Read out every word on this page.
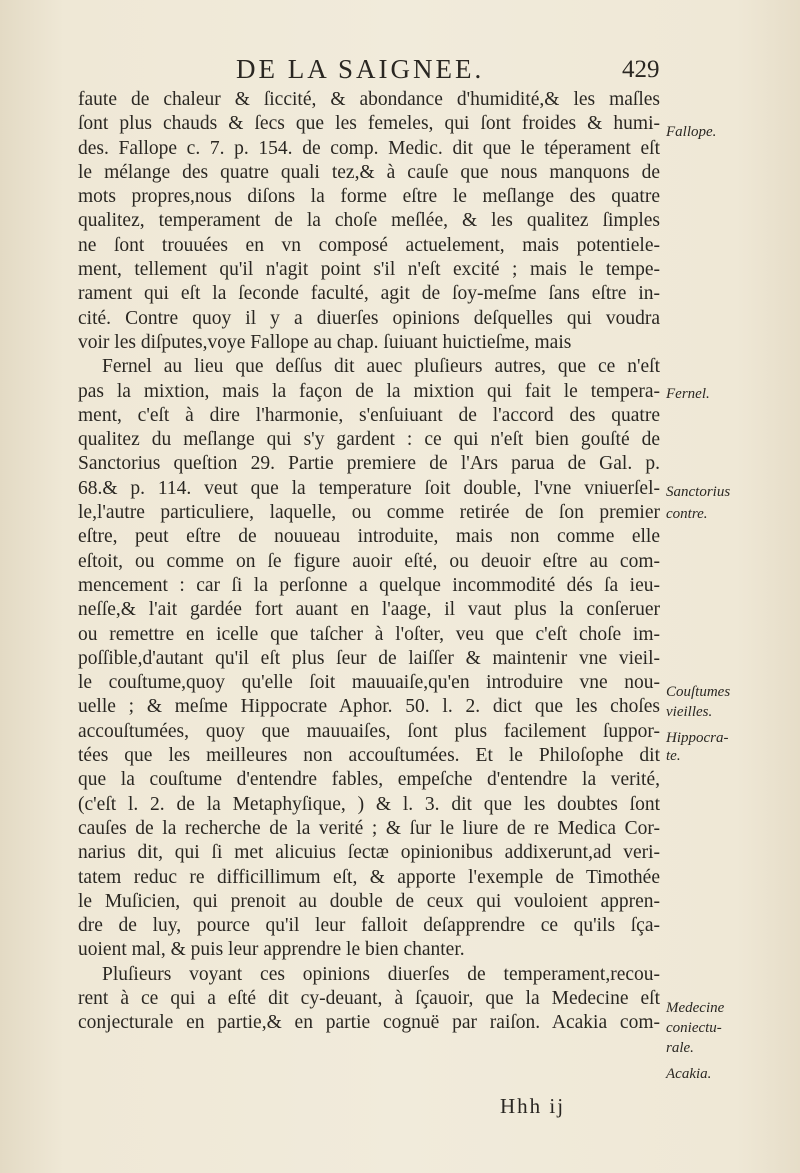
DE LA SAIGNEE.	429
faute de chaleur & ſiccité, & abondance d'humidité,& les maſles
ſont plus chauds & ſecs que les femeles, qui ſont froides & humi-
des. Fallope c. 7. p. 154. de comp. Medic. dit que le téperament eſt
le mélange des quatre quali tez,& à cauſe que nous manquons de
mots propres,nous diſons la forme eſtre le meſlange des quatre
qualitez, temperament de la choſe meſlée, & les qualitez ſimples
ne ſont trouuées en vn composé actuelement, mais potentiele-
ment, tellement qu'il n'agit point s'il n'eſt excité ; mais le tempe-
rament qui eſt la ſeconde faculté, agit de ſoy-meſme ſans eſtre in-
cité. Contre quoy il y a diuerſes opinions deſquelles qui voudra
voir les diſputes,voye Fallope au chap. ſuiuant huictieſme, mais
Fernel au lieu que deſſus dit auec pluſieurs autres, que ce n'eſt
pas la mixtion, mais la façon de la mixtion qui fait le tempera-
ment, c'eſt à dire l'harmonie, s'enſuiuant de l'accord des quatre
qualitez du meſlange qui s'y gardent : ce qui n'eſt bien gouſté de
Sanctorius queſtion 29. Partie premiere de l'Ars parua de Gal. p.
68.& p. 114. veut que la temperature ſoit double, l'vne vniuerſel-
le,l'autre particuliere, laquelle, ou comme retirée de ſon premier
eſtre, peut eſtre de nouueau introduite, mais non comme elle
eſtoit, ou comme on ſe figure auoir eſté, ou deuoir eſtre au com-
mencement : car ſi la perſonne a quelque incommodité dés ſa ieu-
neſſe,& l'ait gardée fort auant en l'aage, il vaut plus la conſeruer
ou remettre en icelle que taſcher à l'oſter, veu que c'eſt choſe im-
poſſible,d'autant qu'il eſt plus ſeur de laiſſer & maintenir vne vieil-
le couſtume,quoy qu'elle ſoit mauuaiſe,qu'en introduire vne nou-
uelle ; & meſme Hippocrate Aphor. 50. l. 2. dict que les choſes
accouſtumées, quoy que mauuaiſes, ſont plus facilement ſuppor-
tées que les meilleures non accouſtumées. Et le Philoſophe dit
que la couſtume d'entendre fables, empeſche d'entendre la verité,
(c'eſt l. 2. de la Metaphyſique, ) & l. 3. dit que les doubtes ſont
cauſes de la recherche de la verité ; & ſur le liure de re Medica Cor-
narius dit, qui ſi met alicuius ſectæ opinionibus addixerunt,ad veri-
tatem reduc re difficillimum eſt, & apporte l'exemple de Timothée
le Muſicien, qui prenoit au double de ceux qui vouloient appren-
dre de luy, pource qu'il leur falloit deſapprendre ce qu'ils ſça-
uoient mal, & puis leur apprendre le bien chanter.
Pluſieurs voyant ces opinions diuerſes de temperament,recou-
rent à ce qui a eſté dit cy-deuant, à ſçauoir, que la Medecine eſt
conjecturale en partie,& en partie cognuë par raiſon. Acakia com-
Fallope.
Fernel.
Sanctorius
contre.
Couſtumes
vieilles.
Hippocra-
te.
Medecine
coniectu-
rale.
Acakia.
Hhh ij
